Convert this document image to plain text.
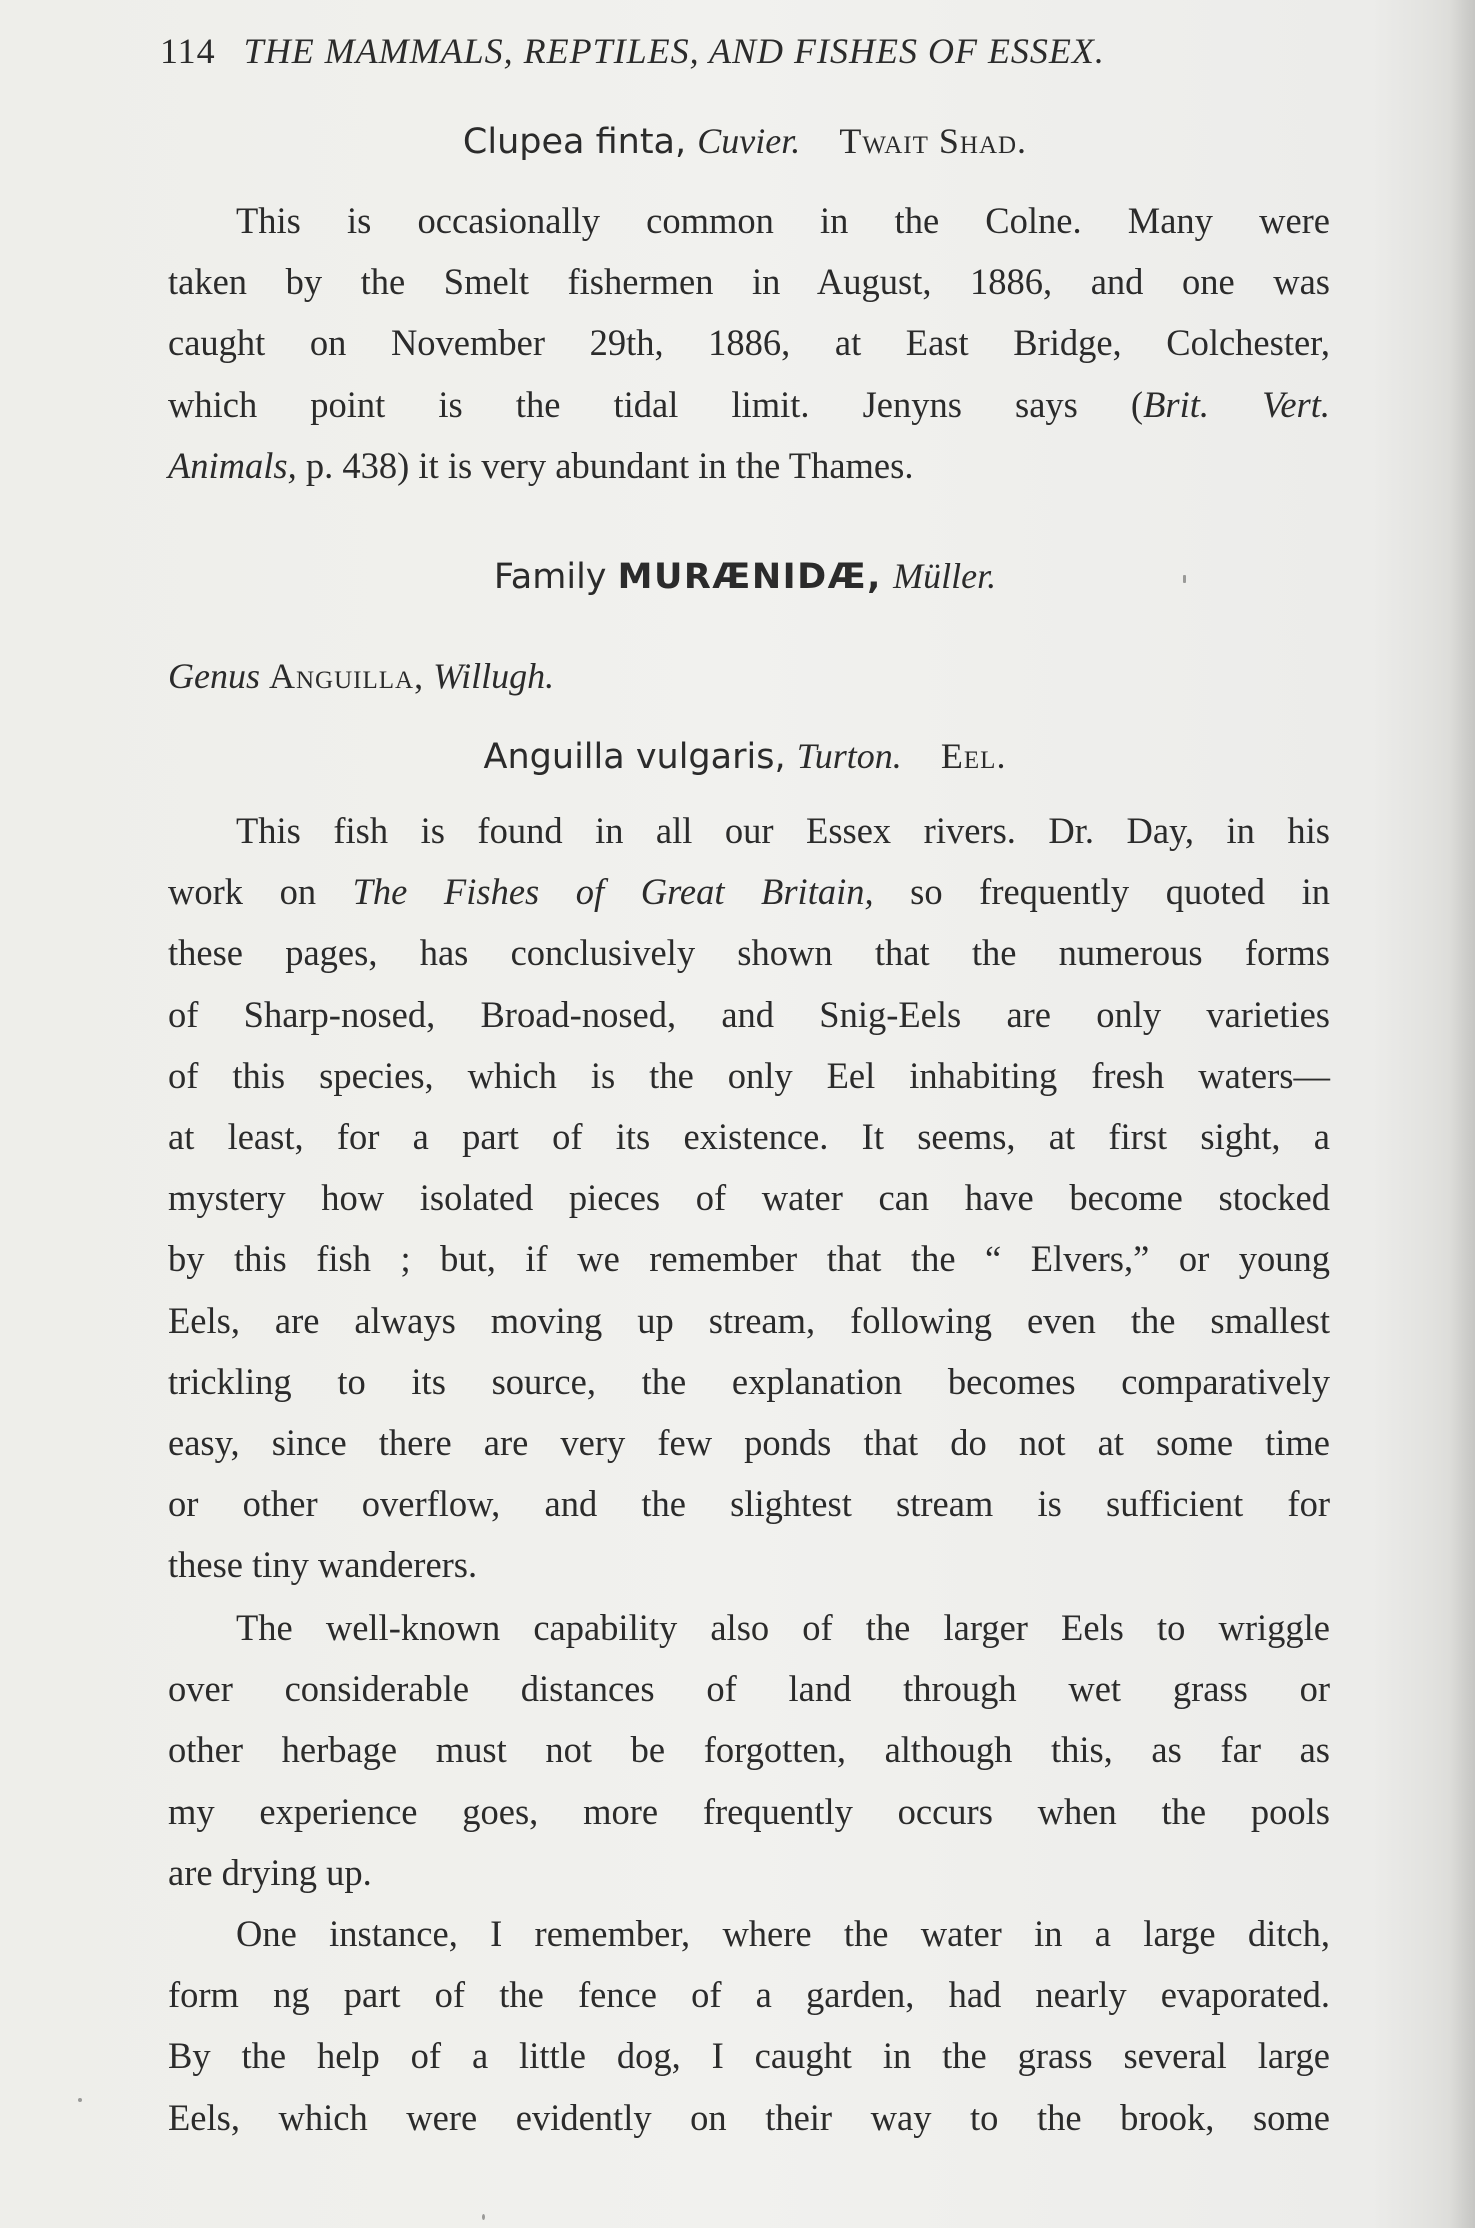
114 THE MAMMALS, REPTILES, AND FISHES OF ESSEX.
Clupea finta, Cuvier. Twait Shad.
This is occasionally common in the Colne. Many were
taken by the Smelt fishermen in August, 1886, and one was
caught on November 29th, 1886, at East Bridge, Colchester,
which point is the tidal limit. Jenyns says (Brit. Vert.
Animals, p. 438) it is very abundant in the Thames.
Family MURÆNIDÆ, Müller.
Genus Anguilla, Willugh.
Anguilla vulgaris, Turton. Eel.
This fish is found in all our Essex rivers. Dr. Day, in his
work on The Fishes of Great Britain, so frequently quoted in
these pages, has conclusively shown that the numerous forms
of Sharp-nosed, Broad-nosed, and Snig-Eels are only varieties
of this species, which is the only Eel inhabiting fresh waters—
at least, for a part of its existence. It seems, at first sight, a
mystery how isolated pieces of water can have become stocked
by this fish ; but, if we remember that the “ Elvers,” or young
Eels, are always moving up stream, following even the smallest
trickling to its source, the explanation becomes comparatively
easy, since there are very few ponds that do not at some time
or other overflow, and the slightest stream is sufficient for
these tiny wanderers.
The well-known capability also of the larger Eels to wriggle
over considerable distances of land through wet grass or
other herbage must not be forgotten, although this, as far as
my experience goes, more frequently occurs when the pools
are drying up.
One instance, I remember, where the water in a large ditch,
form ng part of the fence of a garden, had nearly evaporated.
By the help of a little dog, I caught in the grass several large
Eels, which were evidently on their way to the brook, some
